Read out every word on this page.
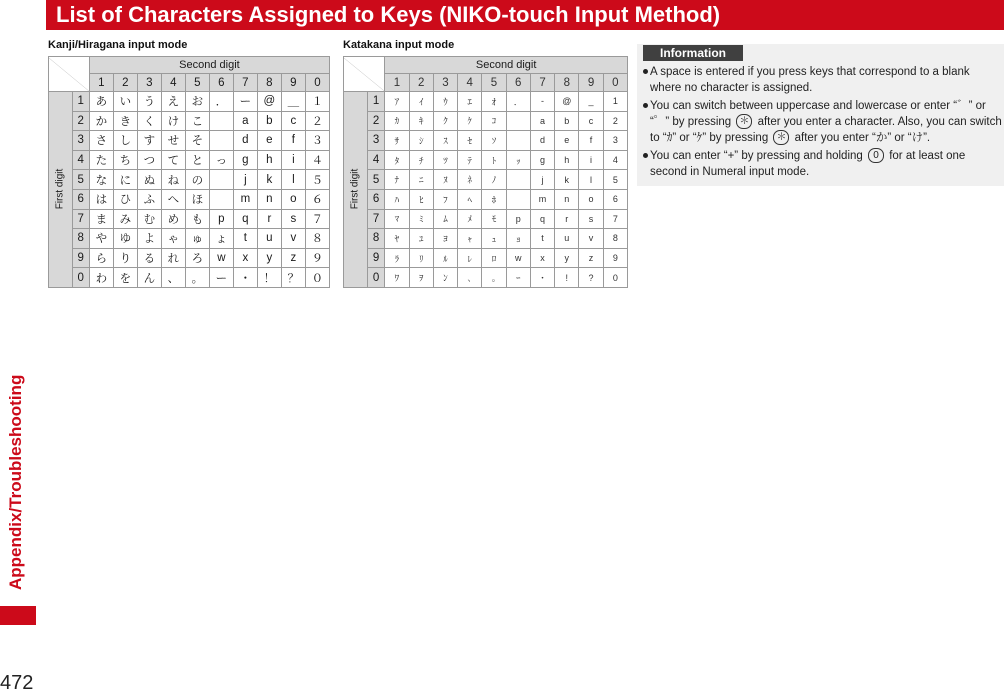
Appendix/Troubleshooting
472
List of Characters Assigned to Keys (NIKO-touch Input Method)
Kanji/Hiragana input mode	Katakana input mode
	Second digit									
		1	2	3	4	5	6	7	8	9	0

First digit	1	あ	い	う	え	お	．	ー	@	＿	１
	2	か	き	く	け	こ		a	b	c	２
	3	さ	し	す	せ	そ		d	e	f	３
	4	た	ち	つ	て	と	っ	g	h	i	４
	5	な	に	ぬ	ね	の		j	k	l	５
	6	は	ひ	ふ	へ	ほ		m	n	o	６
	7	ま	み	む	め	も	p	q	r	s	７
	8	や	ゆ	よ	ゃ	ゅ	ょ	t	u	v	８
	9	ら	り	る	れ	ろ	w	x	y	z	９
	0	わ	を	ん	、	。	ー	・	！	？	０
	Second digit									
		1	2	3	4	5	6	7	8	9	0

First digit	1	ｱ	ｲ	ｳ	ｴ	ｵ	．	-	@	_	1
	2	ｶ	ｷ	ｸ	ｹ	ｺ		a	b	c	2
	3	ｻ	ｼ	ｽ	ｾ	ｿ		d	e	f	3
	4	ﾀ	ﾁ	ﾂ	ﾃ	ﾄ	ｯ	g	h	i	4
	5	ﾅ	ﾆ	ﾇ	ﾈ	ﾉ		j	k	l	5
	6	ﾊ	ﾋ	ﾌ	ﾍ	ﾎ		m	n	o	6
	7	ﾏ	ﾐ	ﾑ	ﾒ	ﾓ	p	q	r	s	7
	8	ﾔ	ﾕ	ﾖ	ｬ	ｭ	ｮ	t	u	v	8
	9	ﾗ	ﾘ	ﾙ	ﾚ	ﾛ	w	x	y	z	9
	0	ﾜ	ｦ	ﾝ	､	｡	ｰ	･	!	?	0
Information
A space is entered if you press keys that correspond to a blank where no character is assigned.
You can switch between uppercase and lowercase or enter “゛” or “゜” by pressing ＊ after you enter a character. Also, you can switch to “ｶ” or “ｹ” by pressing ＊ after you enter “か” or “け”.
You can enter “+” by pressing and holding 0 for at least one second in Numeral input mode.
